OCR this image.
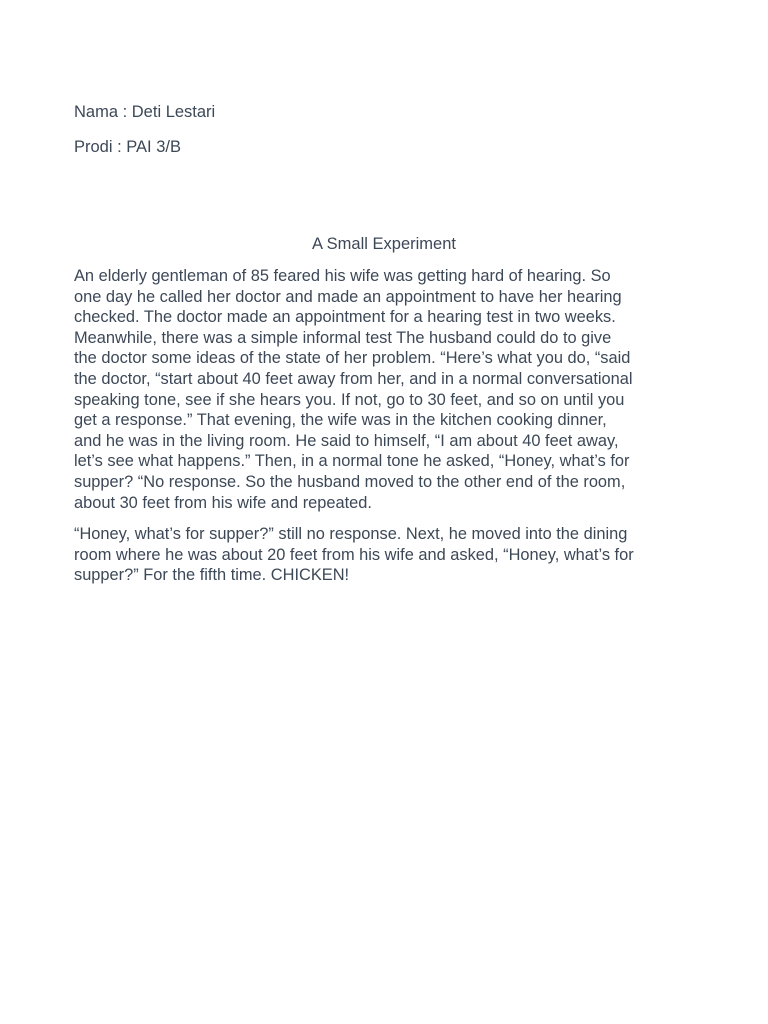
Nama : Deti Lestari
Prodi : PAI 3/B
A Small Experiment
An elderly gentleman of 85 feared his wife was getting hard of hearing. So
one day he called her doctor and made an appointment to have her hearing
checked. The doctor made an appointment for a hearing test in two weeks.
Meanwhile, there was a simple informal test The husband could do to give
the doctor some ideas of the state of her problem. “Here’s what you do, “said
the doctor, “start about 40 feet away from her, and in a normal conversational
speaking tone, see if she hears you. If not, go to 30 feet, and so on until you
get a response.” That evening, the wife was in the kitchen cooking dinner,
and he was in the living room. He said to himself, “I am about 40 feet away,
let’s see what happens.” Then, in a normal tone he asked, “Honey, what’s for
supper? “No response. So the husband moved to the other end of the room,
about 30 feet from his wife and repeated.
“Honey, what’s for supper?” still no response. Next, he moved into the dining
room where he was about 20 feet from his wife and asked, “Honey, what’s for
supper?” For the fifth time. CHICKEN!
